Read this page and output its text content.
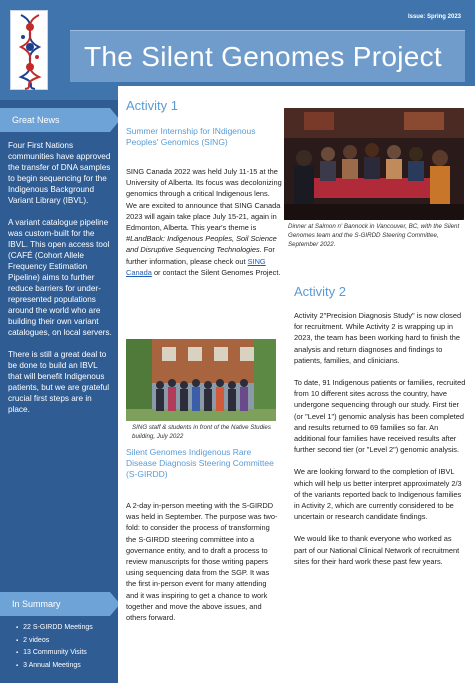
Issue: Spring 2023
The Silent Genomes Project
Great News

Four First Nations communities have approved the transfer of DNA samples to begin sequencing for the Indigenous Background Variant Library (IBVL).

A variant catalogue pipeline was custom-built for the IBVL. This open access tool (CAFÉ (Cohort Allele Frequency Estimation Pipeline) aims to further reduce barriers for under-represented populations around the world who are building their own variant catalogues, on local servers.

There is still a great deal to be done to build an IBVL that will benefit Indigenous patients, but we are grateful crucial first steps are in place.

In Summary
▪ 22 S-GIRDD Meetings
▪ 2 videos
▪ 13 Community Visits
▪ 3 Annual Meetings
Activity 1
Summer Internship for INdigenous Peoples' Genomics (SING)
SING Canada 2022 was held July 11-15 at the University of Alberta. Its focus was decolonizing genomics through a critical Indigenous lens. We are excited to announce that SING Canada 2023 will again take place July 15-21, again in Edmonton, Alberta. This year's theme is #LandBack: Indigenous Peoples, Soil Science and Disruptive Sequencing Technologies. For further information, please check out SING Canada or contact the Silent Genomes Project.
SING staff & students in front of the Native Studies building, July 2022
Silent Genomes Indigenous Rare Disease Diagnosis Steering Committee (S-GIRDD)
A 2-day in-person meeting with the S-GIRDD was held in September. The purpose was two-fold: to consider the process of transforming the S-GIRDD steering committee into a governance entity, and to draft a process to review manuscripts for those writing papers using sequencing data from the SGP. It was the first in-person event for many attending and it was inspiring to get a chance to work together and move the above issues, and others forward.
Dinner at Salmon n' Bannock in Vancouver, BC, with the Silent Genomes team and the S-GIRDD Steering Committee, September 2022.
Activity 2

Activity 2"Precision Diagnosis Study" is now closed for recruitment. While Activity 2 is wrapping up in 2023, the team has been working hard to finish the analysis and return diagnoses and findings to patients, families, and clinicians.

To date, 91 Indigenous patients or families, recruited from 10 different sites across the country, have undergone sequencing through our study. First tier (or "Level 1") genomic analysis has been completed and results returned to 69 families so far. An additional four families have received results after further second tier (or "Level 2") genomic analysis.

We are looking forward to the completion of IBVL which will help us better interpret approximately 2/3 of the variants reported back to Indigenous families in Activity 2, which are currently considered to be uncertain or research candidate findings.

We would like to thank everyone who worked as part of our National Clinical Network of recruitment sites for their hard work these past few years.
